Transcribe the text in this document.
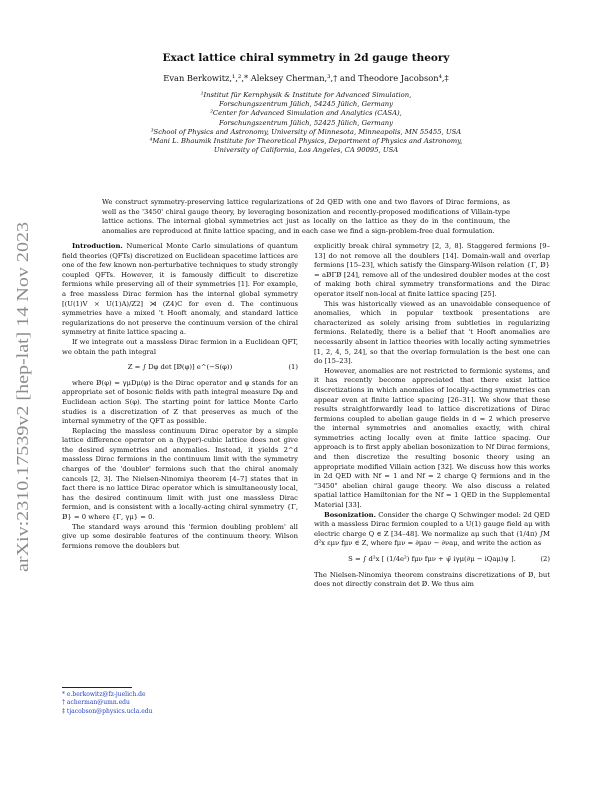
arXiv:2310.17539v2 [hep-lat] 14 Nov 2023
Exact lattice chiral symmetry in 2d gauge theory
Evan Berkowitz,¹,²,* Aleksey Cherman,³,† and Theodore Jacobson⁴,‡
¹Institut für Kernphysik & Institute for Advanced Simulation,
Forschungszentrum Jülich, 54245 Jülich, Germany
²Center for Advanced Simulation and Analytics (CASA),
Forschungszentrum Jülich, 52425 Jülich, Germany
³School of Physics and Astronomy, University of Minnesota, Minneapolis, MN 55455, USA
⁴Mani L. Bhaumik Institute for Theoretical Physics, Department of Physics and Astronomy,
University of California, Los Angeles, CA 90095, USA
We construct symmetry-preserving lattice regularizations of 2d QED with one and two flavors of Dirac fermions, as well as the '3450' chiral gauge theory, by leveraging bosonization and recently-proposed modifications of Villain-type lattice actions. The internal global symmetries act just as locally on the lattice as they do in the continuum, the anomalies are reproduced at finite lattice spacing, and in each case we find a sign-problem-free dual formulation.

Introduction. Numerical Monte Carlo simulations of quantum field theories (QFTs) discretized on Euclidean spacetime lattices are one of the few known non-perturbative techniques to study strongly coupled QFTs. However, it is famously difficult to discretize fermions while preserving all of their symmetries [1]. For example, a free massless Dirac fermion has the internal global symmetry [(U(1)V × U(1)A)/Z2] ⋊ (Z4)C for even d. The continuous symmetries have a mixed 't Hooft anomaly, and standard lattice regularizations do not preserve the continuum version of the chiral symmetry at finite lattice spacing a.

If we integrate out a massless Dirac fermion in a Euclidean QFT, we obtain the path integral

Z = ∫ Dφ det [D̸(φ)] e^(−S(φ))	(1)

where D̸(φ) = γμDμ(φ) is the Dirac operator and φ stands for an appropriate set of bosonic fields with path integral measure Dφ and Euclidean action S(φ). The starting point for lattice Monte Carlo studies is a discretization of Z that preserves as much of the internal symmetry of the QFT as possible.

Replacing the massless continuum Dirac operator by a simple lattice difference operator on a (hyper)-cubic lattice does not give the desired symmetries and anomalies. Instead, it yields 2^d massless Dirac fermions in the continuum limit with the symmetry charges of the 'doubler' fermions such that the chiral anomaly cancels [2, 3]. The Nielsen-Ninomiya theorem [4–7] states that in fact there is no lattice Dirac operator which is simultaneously local, has the desired continuum limit with just one massless Dirac fermion, and is consistent with a locally-acting chiral symmetry {Γ, D̸} = 0 where {Γ, γμ} = 0.

The standard ways around this 'fermion doubling problem' all give up some desirable features of the continuum theory. Wilson fermions remove the doublers but

explicitly break chiral symmetry [2, 3, 8]. Staggered fermions [9–13] do not remove all the doublers [14]. Domain-wall and overlap fermions [15–23], which satisfy the Ginsparg-Wilson relation {Γ, D̸} = aD̸ΓD̸ [24], remove all of the undesired doubler modes at the cost of making both chiral symmetry transformations and the Dirac operator itself non-local at finite lattice spacing [25].

This was historically viewed as an unavoidable consequence of anomalies, which in popular textbook presentations are characterized as solely arising from subtleties in regularizing fermions. Relatedly, there is a belief that 't Hooft anomalies are necessarily absent in lattice theories with locally acting symmetries [1, 2, 4, 5, 24], so that the overlap formulation is the best one can do [15–23].

However, anomalies are not restricted to fermionic systems, and it has recently become appreciated that there exist lattice discretizations in which anomalies of locally-acting symmetries can appear even at finite lattice spacing [26–31]. We show that these results straightforwardly lead to lattice discretizations of Dirac fermions coupled to abelian gauge fields in d = 2 which preserve the internal symmetries and anomalies exactly, with chiral symmetries acting locally even at finite lattice spacing. Our approach is to first apply abelian bosonization to Nf Dirac fermions, and then discretize the resulting bosonic theory using an appropriate modified Villain action [32]. We discuss how this works in 2d QED with Nf = 1 and Nf = 2 charge Q fermions and in the "3450" abelian chiral gauge theory. We also discuss a related spatial lattice Hamiltonian for the Nf = 1 QED in the Supplemental Material [33].

Bosonization. Consider the charge Q Schwinger model: 2d QED with a massless Dirac fermion coupled to a U(1) gauge field aμ with electric charge Q ∈ Z [34–48]. We normalize aμ such that (1/4π) ∫M d²x εμν fμν ∈ Z, where fμν = ∂μaν − ∂νaμ, and write the action as

S = ∫ d²x [ (1/4e²) fμν fμν + ψ̄ iγμ(∂μ − iQaμ)ψ ].	(2)

The Nielsen-Ninomiya theorem constrains discretizations of D̸, but does not directly constrain det D̸. We thus aim

* e.berkowitz@fz-juelich.de
† acherman@umn.edu
‡ tjacobson@physics.ucla.edu
